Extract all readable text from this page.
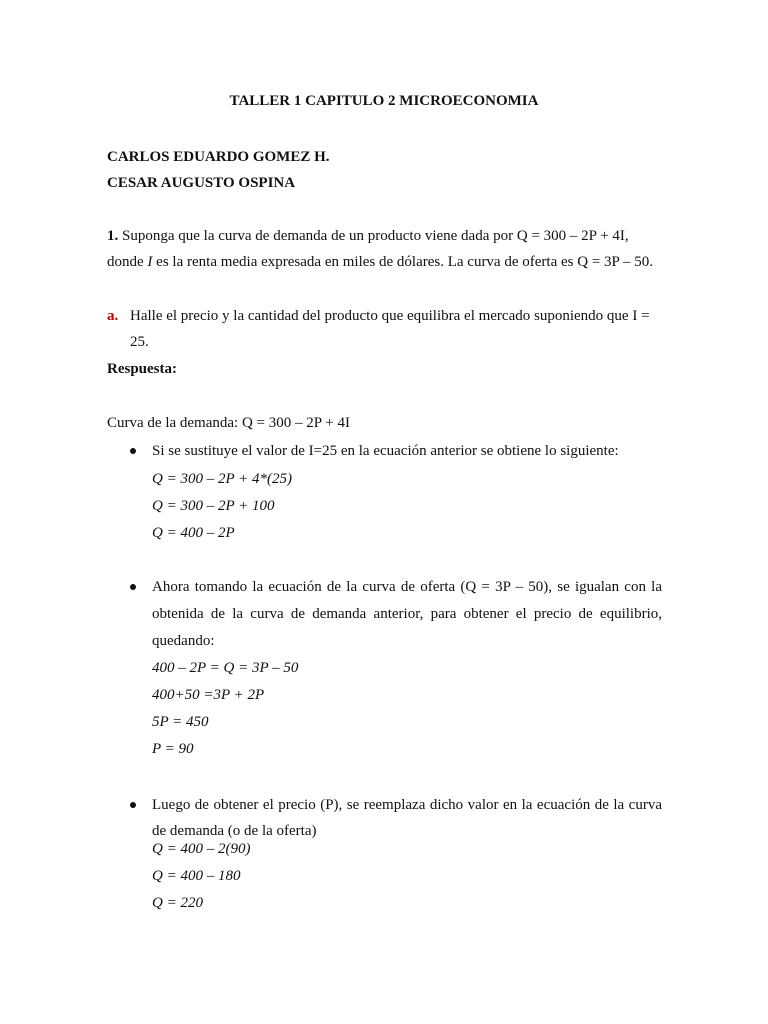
TALLER 1 CAPITULO 2 MICROECONOMIA
CARLOS EDUARDO GOMEZ H.
CESAR AUGUSTO OSPINA
1. Suponga que la curva de demanda de un producto viene dada por Q = 300 – 2P + 4I,
donde I es la renta media expresada en miles de dólares. La curva de oferta es Q = 3P – 50.
a. Halle el precio y la cantidad del producto que equilibra el mercado suponiendo que I =
25.
Respuesta:
Curva de la demanda: Q = 300 – 2P + 4I
Si se sustituye el valor de I=25 en la ecuación anterior se obtiene lo siguiente:
Q = 300 – 2P + 4*(25)
Q = 300 – 2P + 100
Q = 400 – 2P
Ahora tomando la ecuación de la curva de oferta (Q = 3P – 50), se igualan con la
obtenida de la curva de demanda anterior, para obtener el precio de equilibrio,
quedando:
400 – 2P = Q = 3P – 50
400+50 =3P + 2P
5P = 450
P = 90
Luego de obtener el precio (P), se reemplaza dicho valor en la ecuación de la curva
de demanda (o de la oferta)
Q = 400 – 2(90)
Q = 400 – 180
Q = 220
